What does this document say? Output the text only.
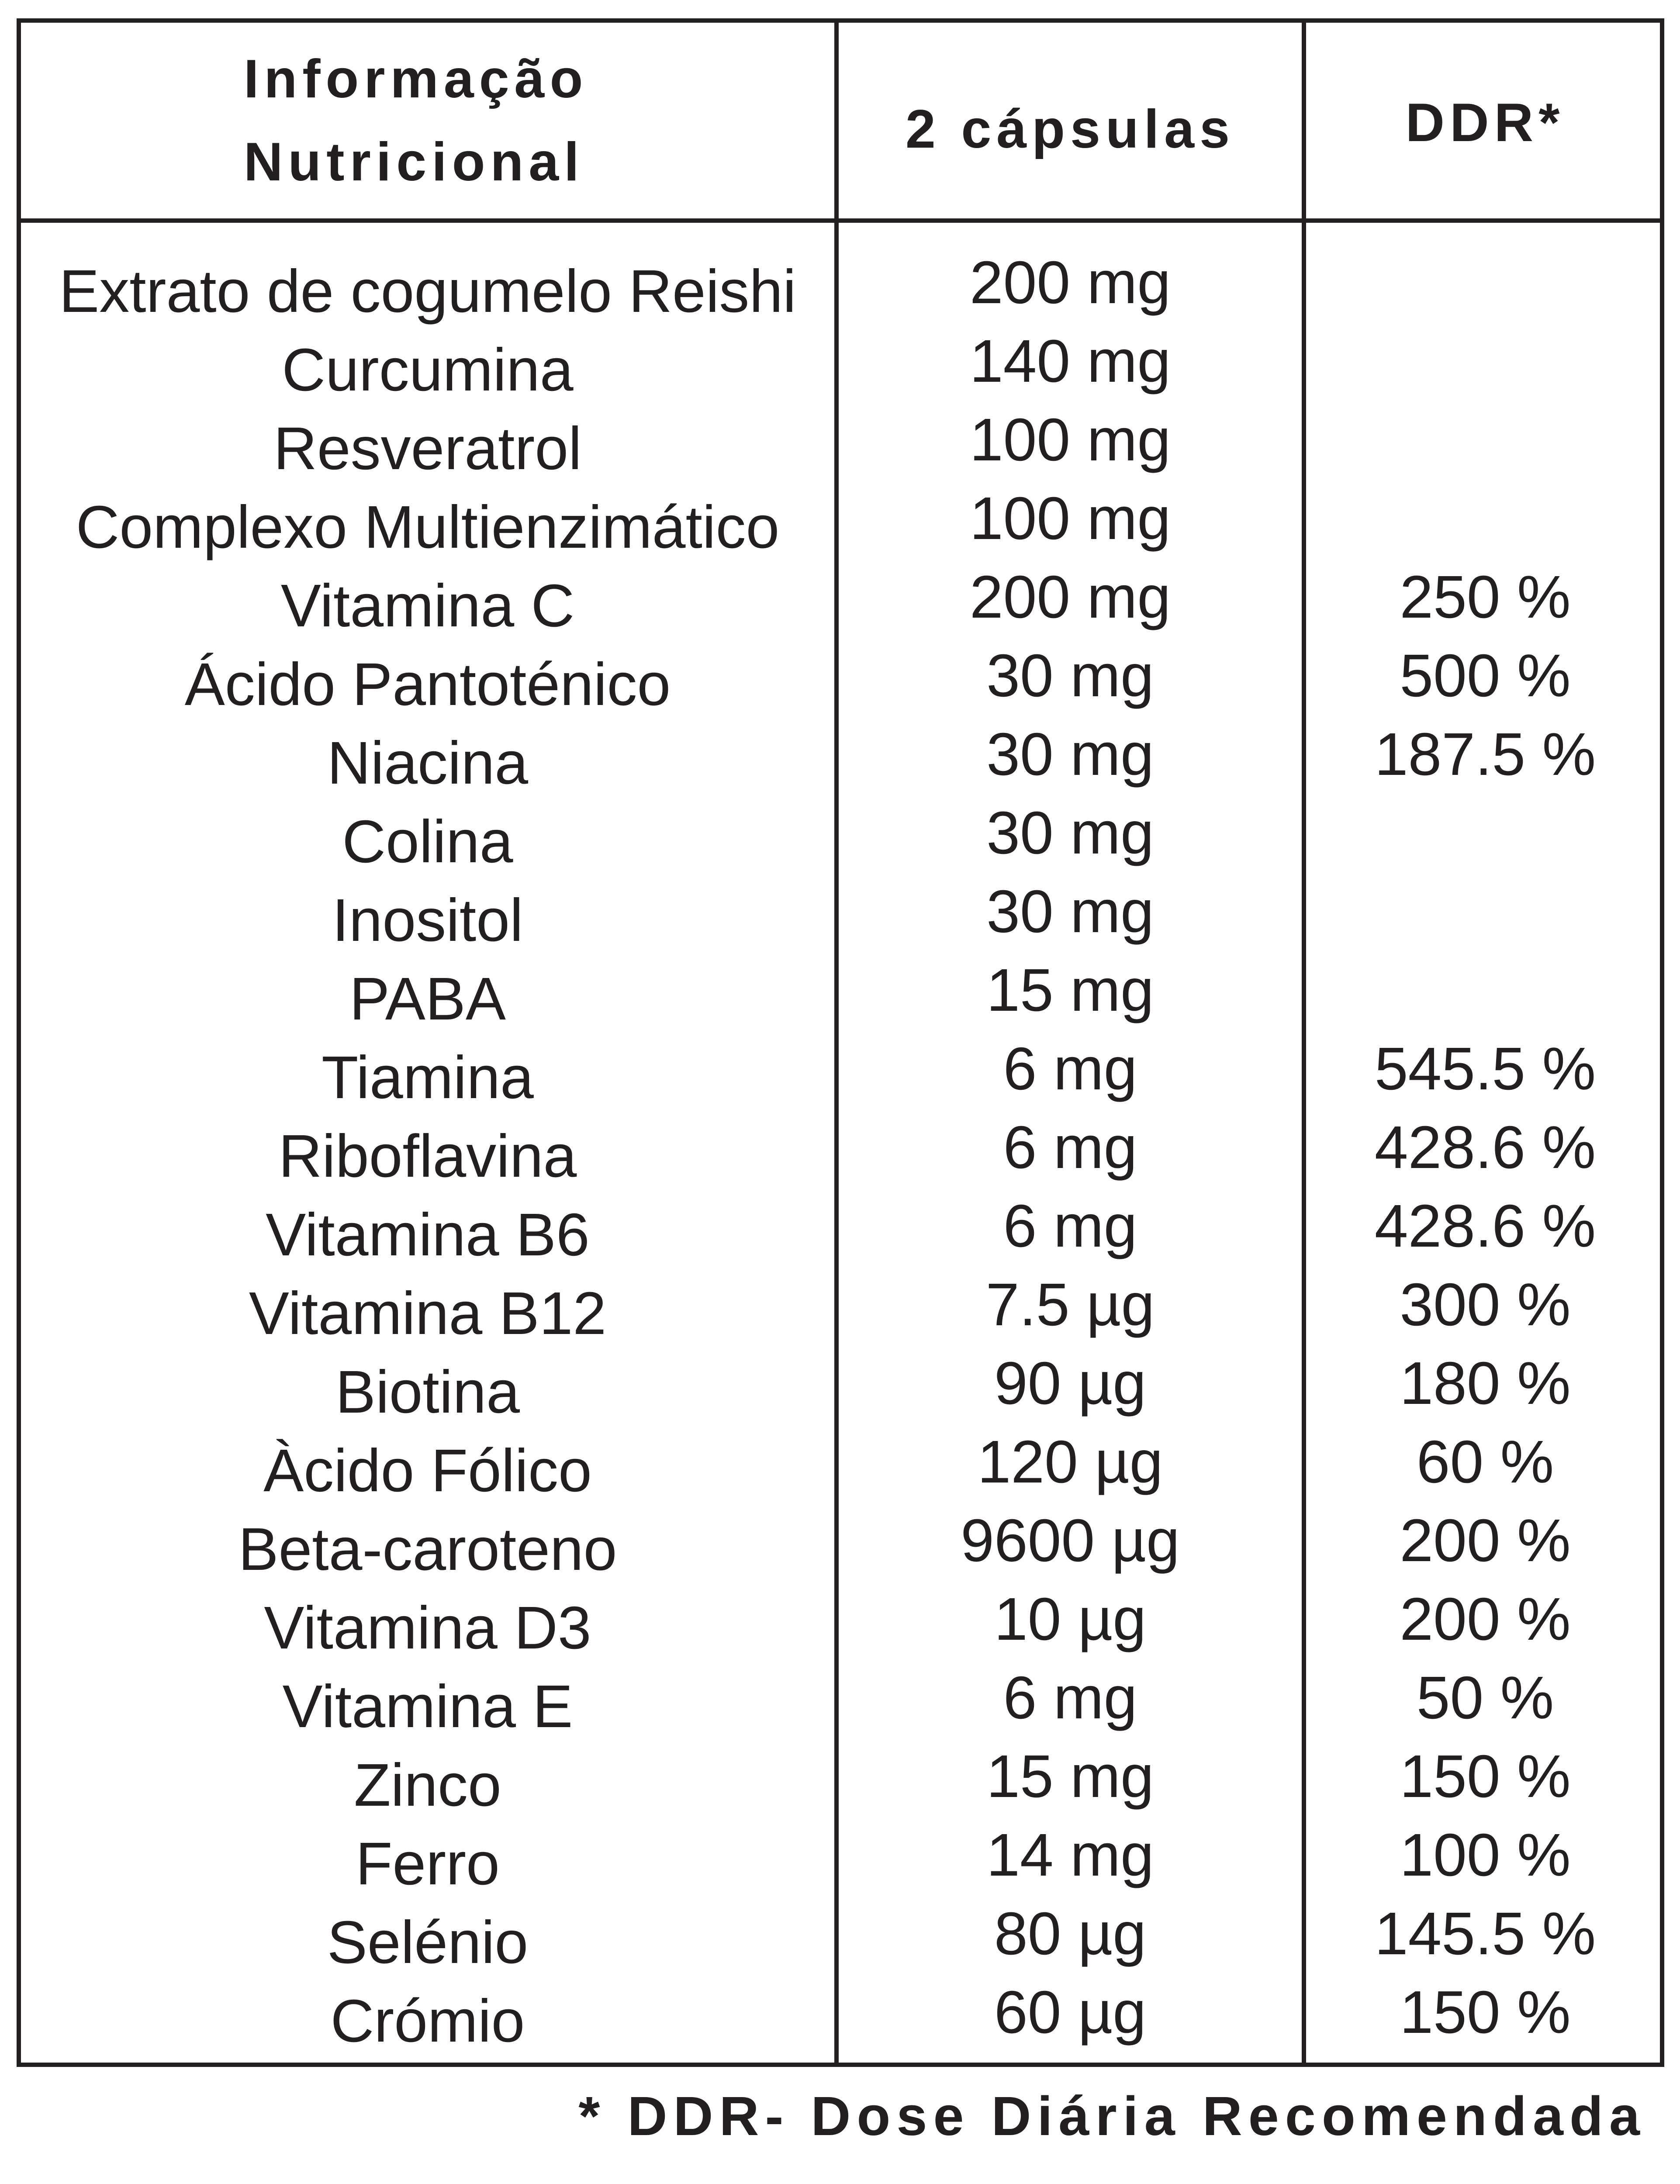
Informação
Nutricional
2 cápsulas	DDR*
Extrato de cogumelo Reishi	200 mg
Curcumina	140 mg
Resveratrol	100 mg
Complexo Multienzimático	100 mg
Vitamina C	200 mg	250 %
Ácido Pantoténico	30 mg	500 %
Niacina	30 mg	187.5 %
Colina	30 mg
Inositol	30 mg
PABA	15 mg
Tiamina	6 mg	545.5 %
Riboflavina	6 mg	428.6 %
Vitamina B6	6 mg	428.6 %
Vitamina B12	7.5 µg	300 %
Biotina	90 µg	180 %
Àcido Fólico	120 µg	60 %
Beta-caroteno	9600 µg	200 %
Vitamina D3	10 µg	200 %
Vitamina E	6 mg	50 %
Zinco	15 mg	150 %
Ferro	14 mg	100 %
Selénio	80 µg	145.5 %
Crómio	60 µg	150 %
* DDR- Dose Diária Recomendada
